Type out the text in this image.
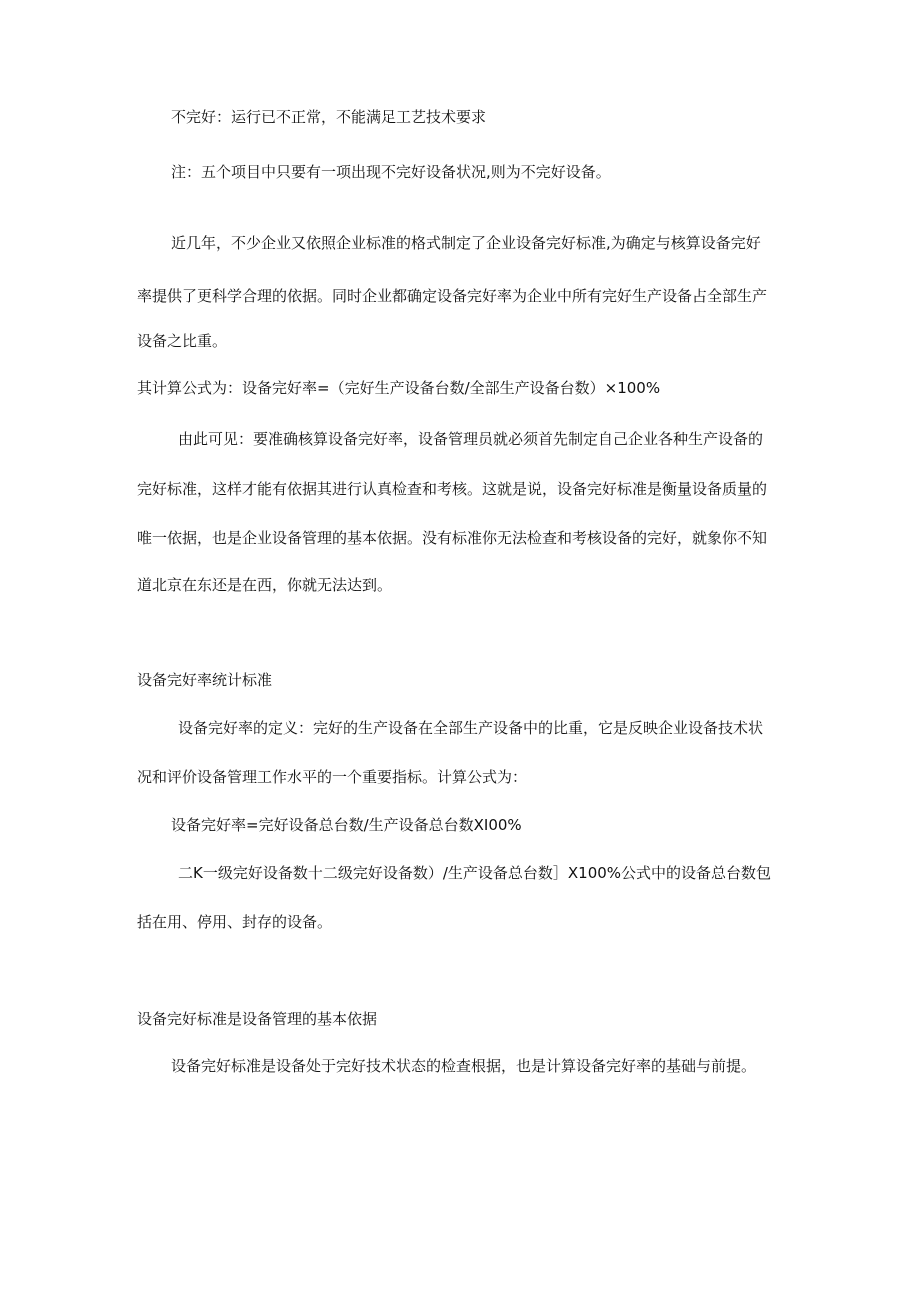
不完好：运行已不正常，不能满足工艺技术要求

注：五个项目中只要有一项出现不完好设备状况,则为不完好设备。

近几年，不少企业又依照企业标准的格式制定了企业设备完好标准,为确定与核算设备完好
率提供了更科学合理的依据。同时企业都确定设备完好率为企业中所有完好生产设备占全部生产
设备之比重。

其计算公式为：设备完好率=（完好生产设备台数/全部生产设备台数）×100%

由此可见：要准确核算设备完好率，设备管理员就必须首先制定自己企业各种生产设备的
完好标准，这样才能有依据其进行认真检查和考核。这就是说，设备完好标准是衡量设备质量的
唯一依据，也是企业设备管理的基本依据。没有标准你无法检查和考核设备的完好，就象你不知
道北京在东还是在西，你就无法达到。

设备完好率统计标准

设备完好率的定义：完好的生产设备在全部生产设备中的比重，它是反映企业设备技术状
况和评价设备管理工作水平的一个重要指标。计算公式为：

设备完好率=完好设备总台数/生产设备总台数XI00%

二K一级完好设备数十二级完好设备数）/生产设备总台数］X100%公式中的设备总台数包
括在用、停用、封存的设备。

设备完好标准是设备管理的基本依据

设备完好标准是设备处于完好技术状态的检查根据，也是计算设备完好率的基础与前提。
